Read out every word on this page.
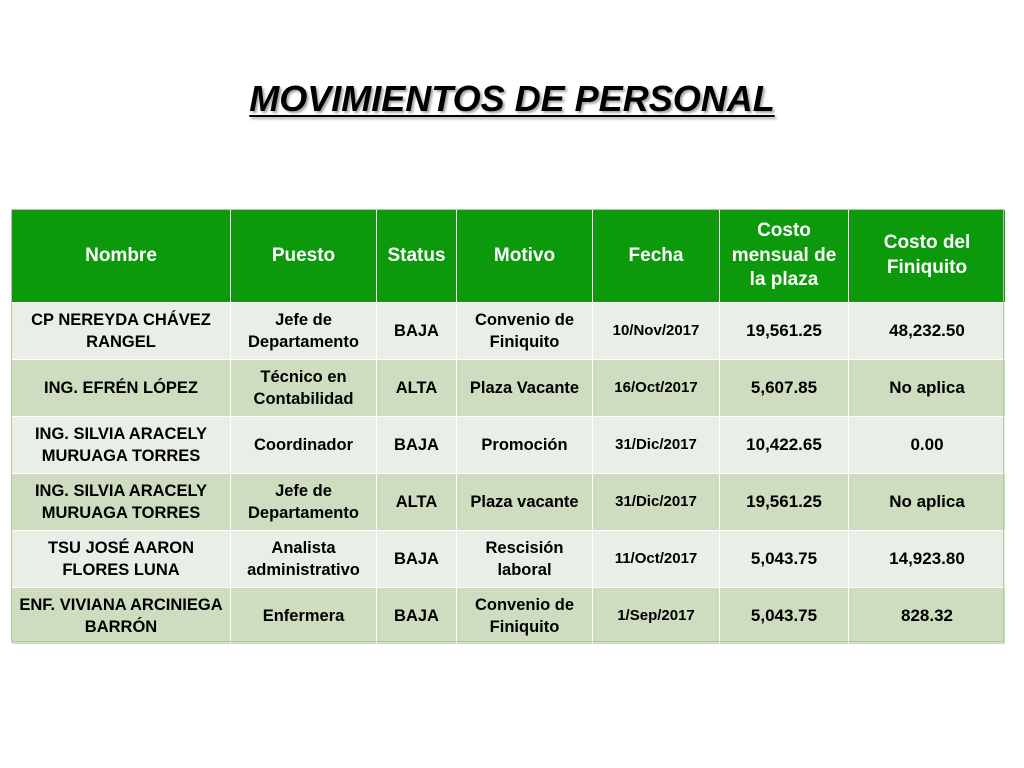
MOVIMIENTOS DE PERSONAL
Nombre	Puesto	Status	Motivo	Fecha	Costo mensual de la plaza	Costo del Finiquito
CP NEREYDA CHÁVEZ RANGEL	Jefe de Departamento	BAJA	Convenio de Finiquito	10/Nov/2017	19,561.25	48,232.50
ING. EFRÉN LÓPEZ	Técnico en Contabilidad	ALTA	Plaza Vacante	16/Oct/2017	5,607.85	No aplica
ING. SILVIA ARACELY MURUAGA TORRES	Coordinador	BAJA	Promoción	31/Dic/2017	10,422.65	0.00
ING. SILVIA ARACELY MURUAGA TORRES	Jefe de Departamento	ALTA	Plaza vacante	31/Dic/2017	19,561.25	No aplica
TSU JOSÉ AARON FLORES LUNA	Analista administrativo	BAJA	Rescisión laboral	11/Oct/2017	5,043.75	14,923.80
ENF. VIVIANA ARCINIEGA BARRÓN	Enfermera	BAJA	Convenio de Finiquito	1/Sep/2017	5,043.75	828.32
